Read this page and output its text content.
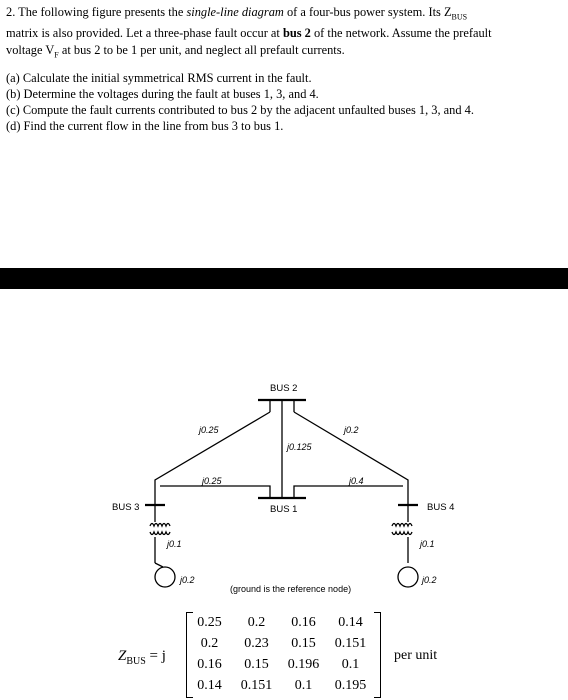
2. The following figure presents the single-line diagram of a four-bus power system. Its $Z_{BUS}$

matrix is also provided. Let a three-phase fault occur at bus 2 of the network. Assume the prefault

voltage $V_F$ at bus 2 to be 1 per unit, and neglect all prefault currents.

(a) Calculate the initial symmetrical RMS current in the fault.
(b) Determine the voltages during the fault at buses 1, 3, and 4.
(c) Compute the fault currents contributed to bus 2 by the adjacent unfaulted buses 1, 3, and 4.
(d) Find the current flow in the line from bus 3 to bus 1.
BUS 2
BUS 1
BUS 3	BUS 4
j0.25	j0.2
j0.125
j0.25	j0.4
j0.1	j0.1
j0.2	j0.2
(ground is the reference node)
$Z_{BUS} = j$
0.25	0.2	0.16	0.14
0.2	0.23	0.15	0.151
0.16	0.15	0.196	0.1
0.14	0.151	0.1	0.195
per unit
